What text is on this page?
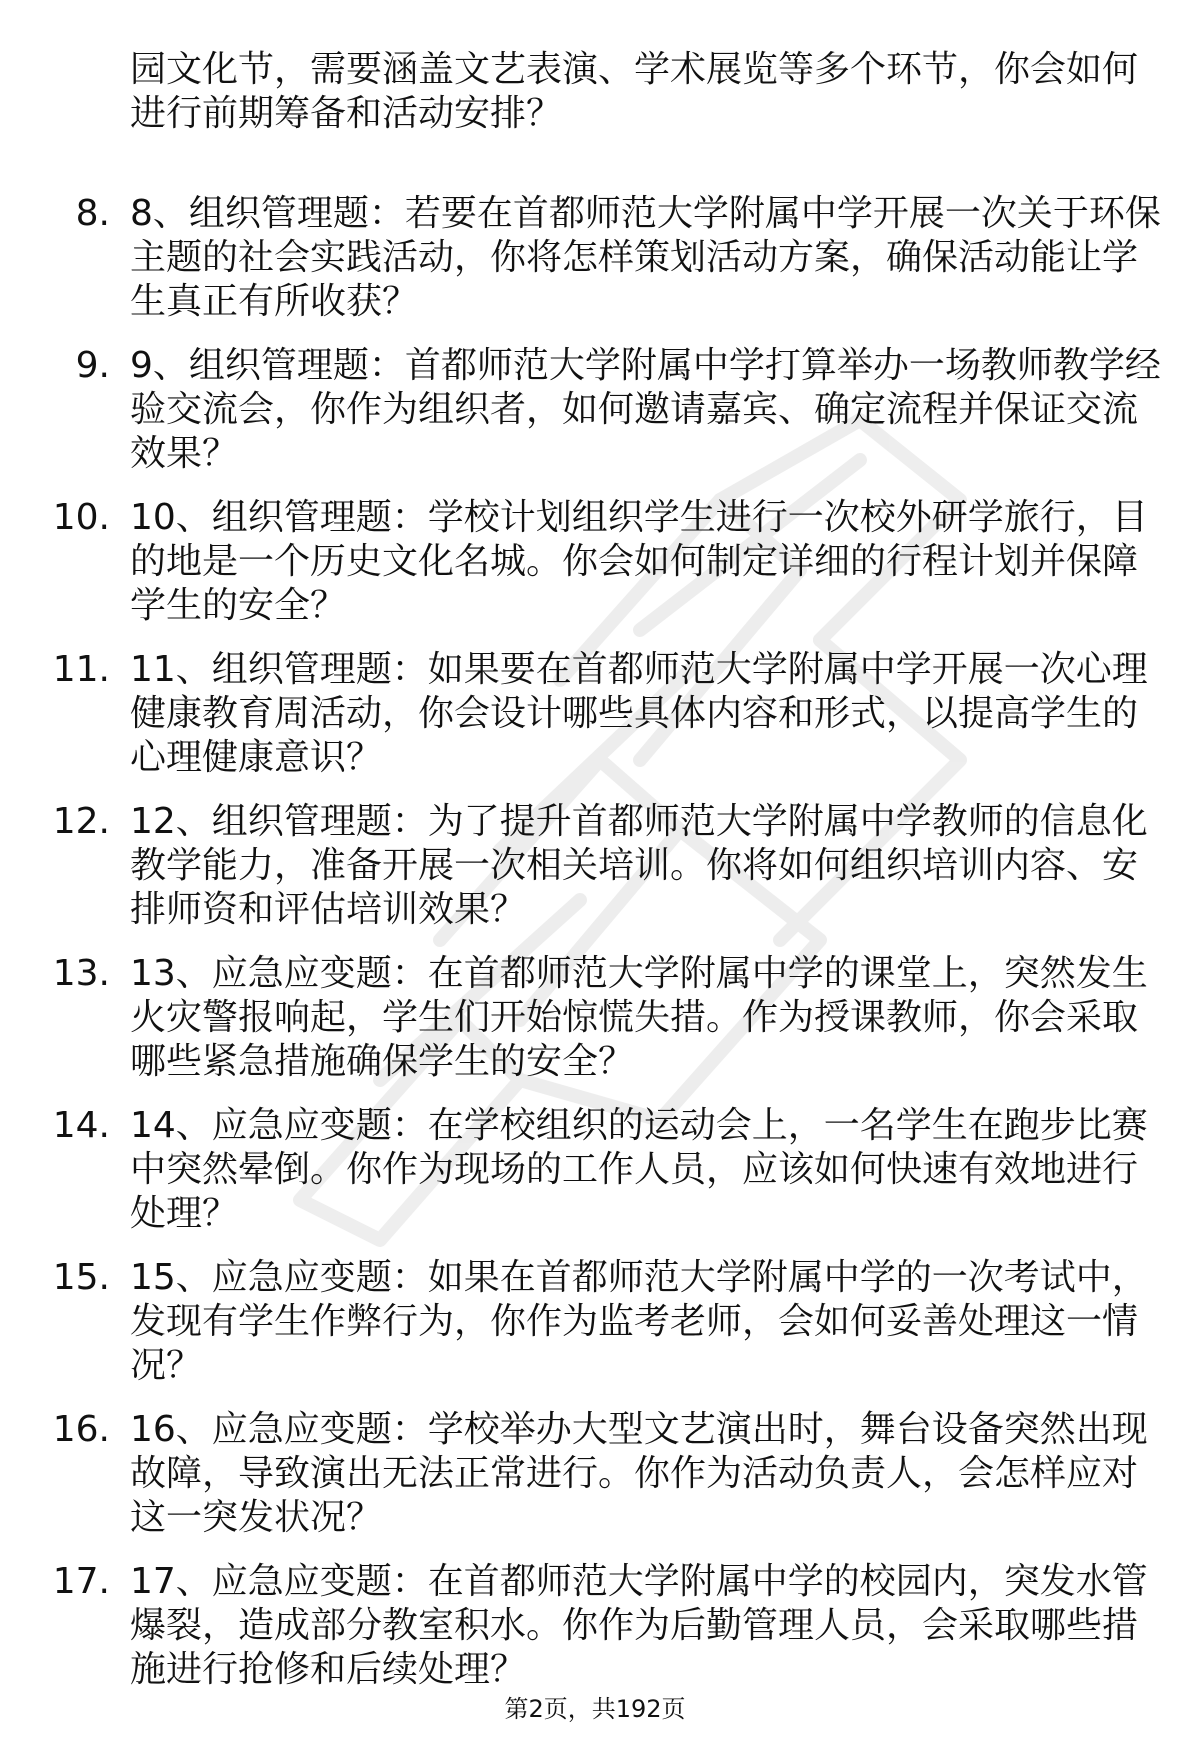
园文化节，需要涵盖文艺表演、学术展览等多个环节，你会如何进行前期筹备和活动安排？

8. 8、组织管理题：若要在首都师范大学附属中学开展一次关于环保主题的社会实践活动，你将怎样策划活动方案，确保活动能让学生真正有所收获？

9. 9、组织管理题：首都师范大学附属中学打算举办一场教师教学经验交流会，你作为组织者，如何邀请嘉宾、确定流程并保证交流效果？

10. 10、组织管理题：学校计划组织学生进行一次校外研学旅行，目的地是一个历史文化名城。你会如何制定详细的行程计划并保障学生的安全？

11. 11、组织管理题：如果要在首都师范大学附属中学开展一次心理健康教育周活动，你会设计哪些具体内容和形式，以提高学生的心理健康意识？

12. 12、组织管理题：为了提升首都师范大学附属中学教师的信息化教学能力，准备开展一次相关培训。你将如何组织培训内容、安排师资和评估培训效果？

13. 13、应急应变题：在首都师范大学附属中学的课堂上，突然发生火灾警报响起，学生们开始惊慌失措。作为授课教师，你会采取哪些紧急措施确保学生的安全？

14. 14、应急应变题：在学校组织的运动会上，一名学生在跑步比赛中突然晕倒。你作为现场的工作人员，应该如何快速有效地进行处理？

15. 15、应急应变题：如果在首都师范大学附属中学的一次考试中，发现有学生作弊行为，你作为监考老师，会如何妥善处理这一情况？

16. 16、应急应变题：学校举办大型文艺演出时，舞台设备突然出现故障，导致演出无法正常进行。你作为活动负责人，会怎样应对这一突发状况？

17. 17、应急应变题：在首都师范大学附属中学的校园内，突发水管爆裂，造成部分教室积水。你作为后勤管理人员，会采取哪些措施进行抢修和后续处理？

第2页，共192页
